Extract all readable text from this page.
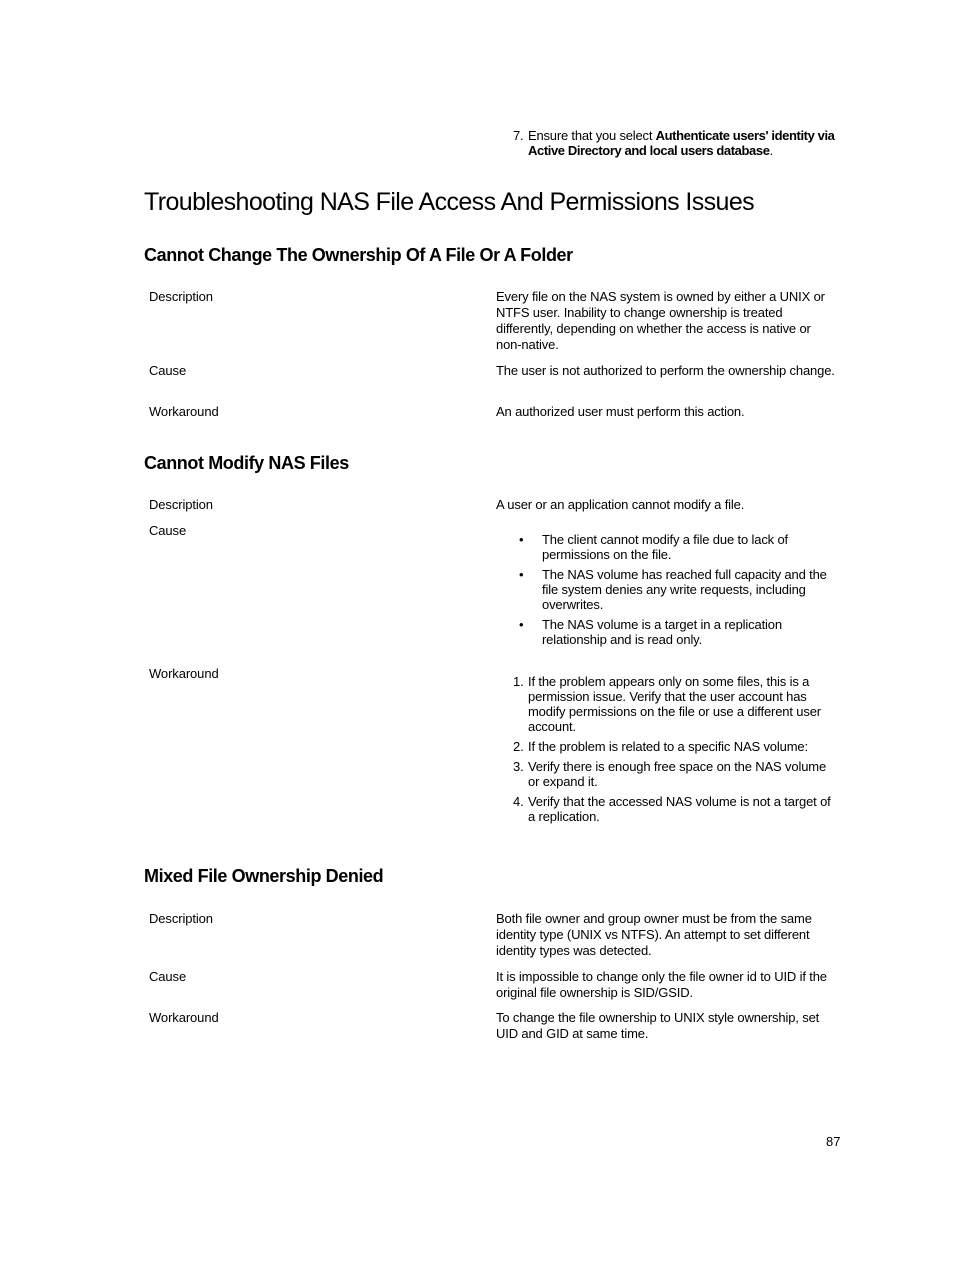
7. Ensure that you select Authenticate users' identity via Active Directory and local users database.
Troubleshooting NAS File Access And Permissions Issues
Cannot Change The Ownership Of A File Or A Folder
Description	Every file on the NAS system is owned by either a UNIX or NTFS user. Inability to change ownership is treated differently, depending on whether the access is native or non-native.
Cause	The user is not authorized to perform the ownership change.
Workaround	An authorized user must perform this action.
Cannot Modify NAS Files
Description	A user or an application cannot modify a file.
Cause
• The client cannot modify a file due to lack of permissions on the file.
• The NAS volume has reached full capacity and the file system denies any write requests, including overwrites.
• The NAS volume is a target in a replication relationship and is read only.
Workaround
1. If the problem appears only on some files, this is a permission issue. Verify that the user account has modify permissions on the file or use a different user account.
2. If the problem is related to a specific NAS volume:
3. Verify there is enough free space on the NAS volume or expand it.
4. Verify that the accessed NAS volume is not a target of a replication.
Mixed File Ownership Denied
Description	Both file owner and group owner must be from the same identity type (UNIX vs NTFS). An attempt to set different identity types was detected.
Cause	It is impossible to change only the file owner id to UID if the original file ownership is SID/GSID.
Workaround	To change the file ownership to UNIX style ownership, set UID and GID at same time.
87
